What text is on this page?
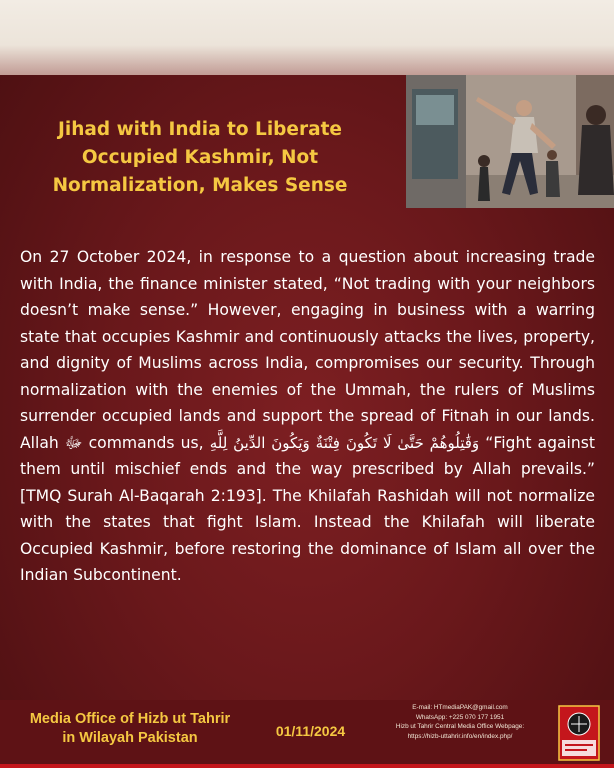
Jihad with India to Liberate
Occupied Kashmir, Not
Normalization, Makes Sense
On 27 October 2024, in response to a question about increasing trade with India, the finance minister stated, “Not trading with your neighbors doesn’t make sense.” However, engaging in business with a warring state that occupies Kashmir and continuously attacks the lives, property, and dignity of Muslims across India, compromises our security. Through normalization with the enemies of the Ummah, the rulers of Muslims surrender occupied lands and support the spread of Fitnah in our lands. Allah ﷻ commands us, وَقَٰتِلُوهُمْ حَتَّىٰ لَا تَكُونَ فِتْنَةٌ وَيَكُونَ الدِّينُ لِلَّهِ “Fight against them until mischief ends and the way prescribed by Allah prevails.” [TMQ Surah Al-Baqarah 2:193]. The Khilafah Rashidah will not normalize with the states that fight Islam. Instead the Khilafah will liberate Occupied Kashmir, before restoring the dominance of Islam all over the Indian Subcontinent.
Media Office of Hizb ut Tahrir
in Wilayah Pakistan	01/11/2024
E-mail: HTmediaPAK@gmail.com
WhatsApp: +225 070 177 1951
Hizb ut Tahrir Central Media Office Webpage:
https://hizb-uttahrir.info/en/index.php/
